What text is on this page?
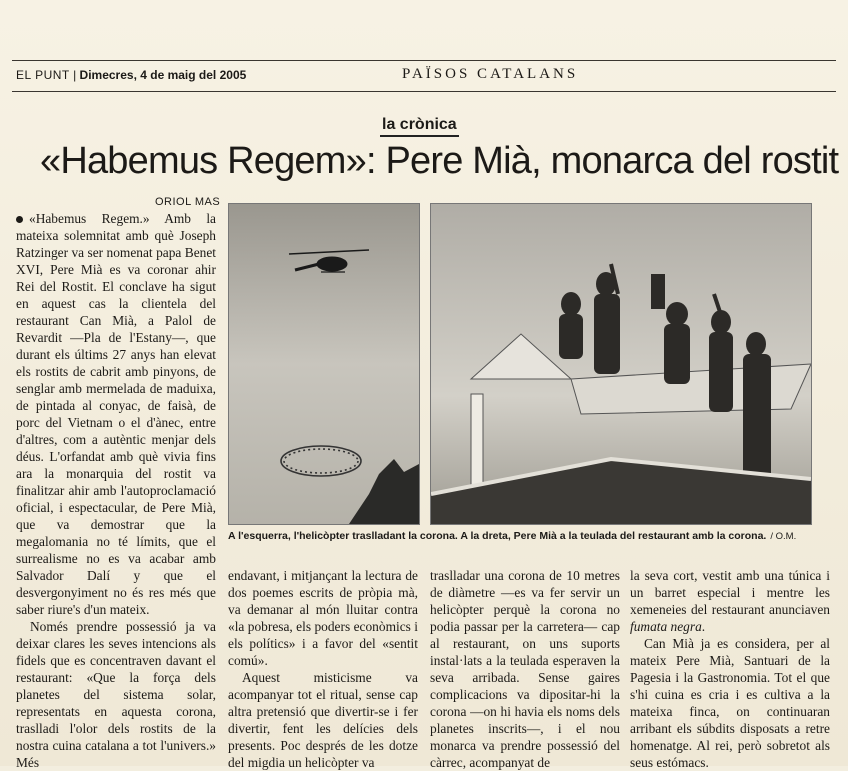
EL PUNT | Dimecres, 4 de maig del 2005	PAÏSOS CATALANS
la crònica
«Habemus Regem»: Pere Mià, monarca del rostit
ORIOL MAS

«Habemus Regem.» Amb la mateixa solemnitat amb què Joseph Ratzinger va ser nomenat papa Benet XVI, Pere Mià es va coronar ahir Rei del Rostit. El conclave ha sigut en aquest cas la clientela del restaurant Can Mià, a Palol de Revardit —Pla de l'Estany—, que durant els últims 27 anys han elevat els rostits de cabrit amb pinyons, de senglar amb mermelada de maduixa, de pintada al conyac, de faisà, de porc del Vietnam o el d'ànec, entre d'altres, com a autèntic menjar dels déus. L'orfandat amb què vivia fins ara la monarquia del rostit va finalitzar ahir amb l'autoproclamació oficial, i espectacular, de Pere Mià, que va demostrar que la megalomania no té límits, que el surrealisme no es va acabar amb Salvador Dalí y que el desvergonyiment no és res més que saber riure's d'un mateix.

Només prendre possessió ja va deixar clares les seves intencions als fidels que es concentraven davant el restaurant: «Que la força dels planetes del sistema solar, representats en aquesta corona, traslladi l'olor dels rostits de la nostra cuina catalana a tot l'univers.» Més

A l'esquerra, l'helicòpter traslladant la corona. A la dreta, Pere Mià a la teulada del restaurant amb la corona. / O.M.

endavant, i mitjançant la lectura de dos poemes escrits de pròpia mà, va demanar al món lluitar contra «la pobresa, els poders econòmics i els polítics» i a favor del «sentit comú».

Aquest misticisme va acompanyar tot el ritual, sense cap altra pretensió que divertir-se i fer divertir, fent les delícies dels presents. Poc després de les dotze del migdia un helicòpter va

traslladar una corona de 10 metres de diàmetre —es va fer servir un helicòpter perquè la corona no podia passar per la carretera— cap al restaurant, on uns suports instal·lats a la teulada esperaven la seva arribada. Sense gaires complicacions va dipositar-hi la corona —on hi havia els noms dels planetes inscrits—, i el nou monarca va prendre possessió del càrrec, acompanyat de

la seva cort, vestit amb una túnica i un barret especial i mentre les xemeneies del restaurant anunciaven fumata negra.

Can Mià ja es considera, per al mateix Pere Mià, Santuari de la Pagesia i la Gastronomia. Tot el que s'hi cuina es cria i es cultiva a la mateixa finca, on continuaran arribant els súbdits disposats a retre homenatge. Al rei, però sobretot als seus estómacs.
